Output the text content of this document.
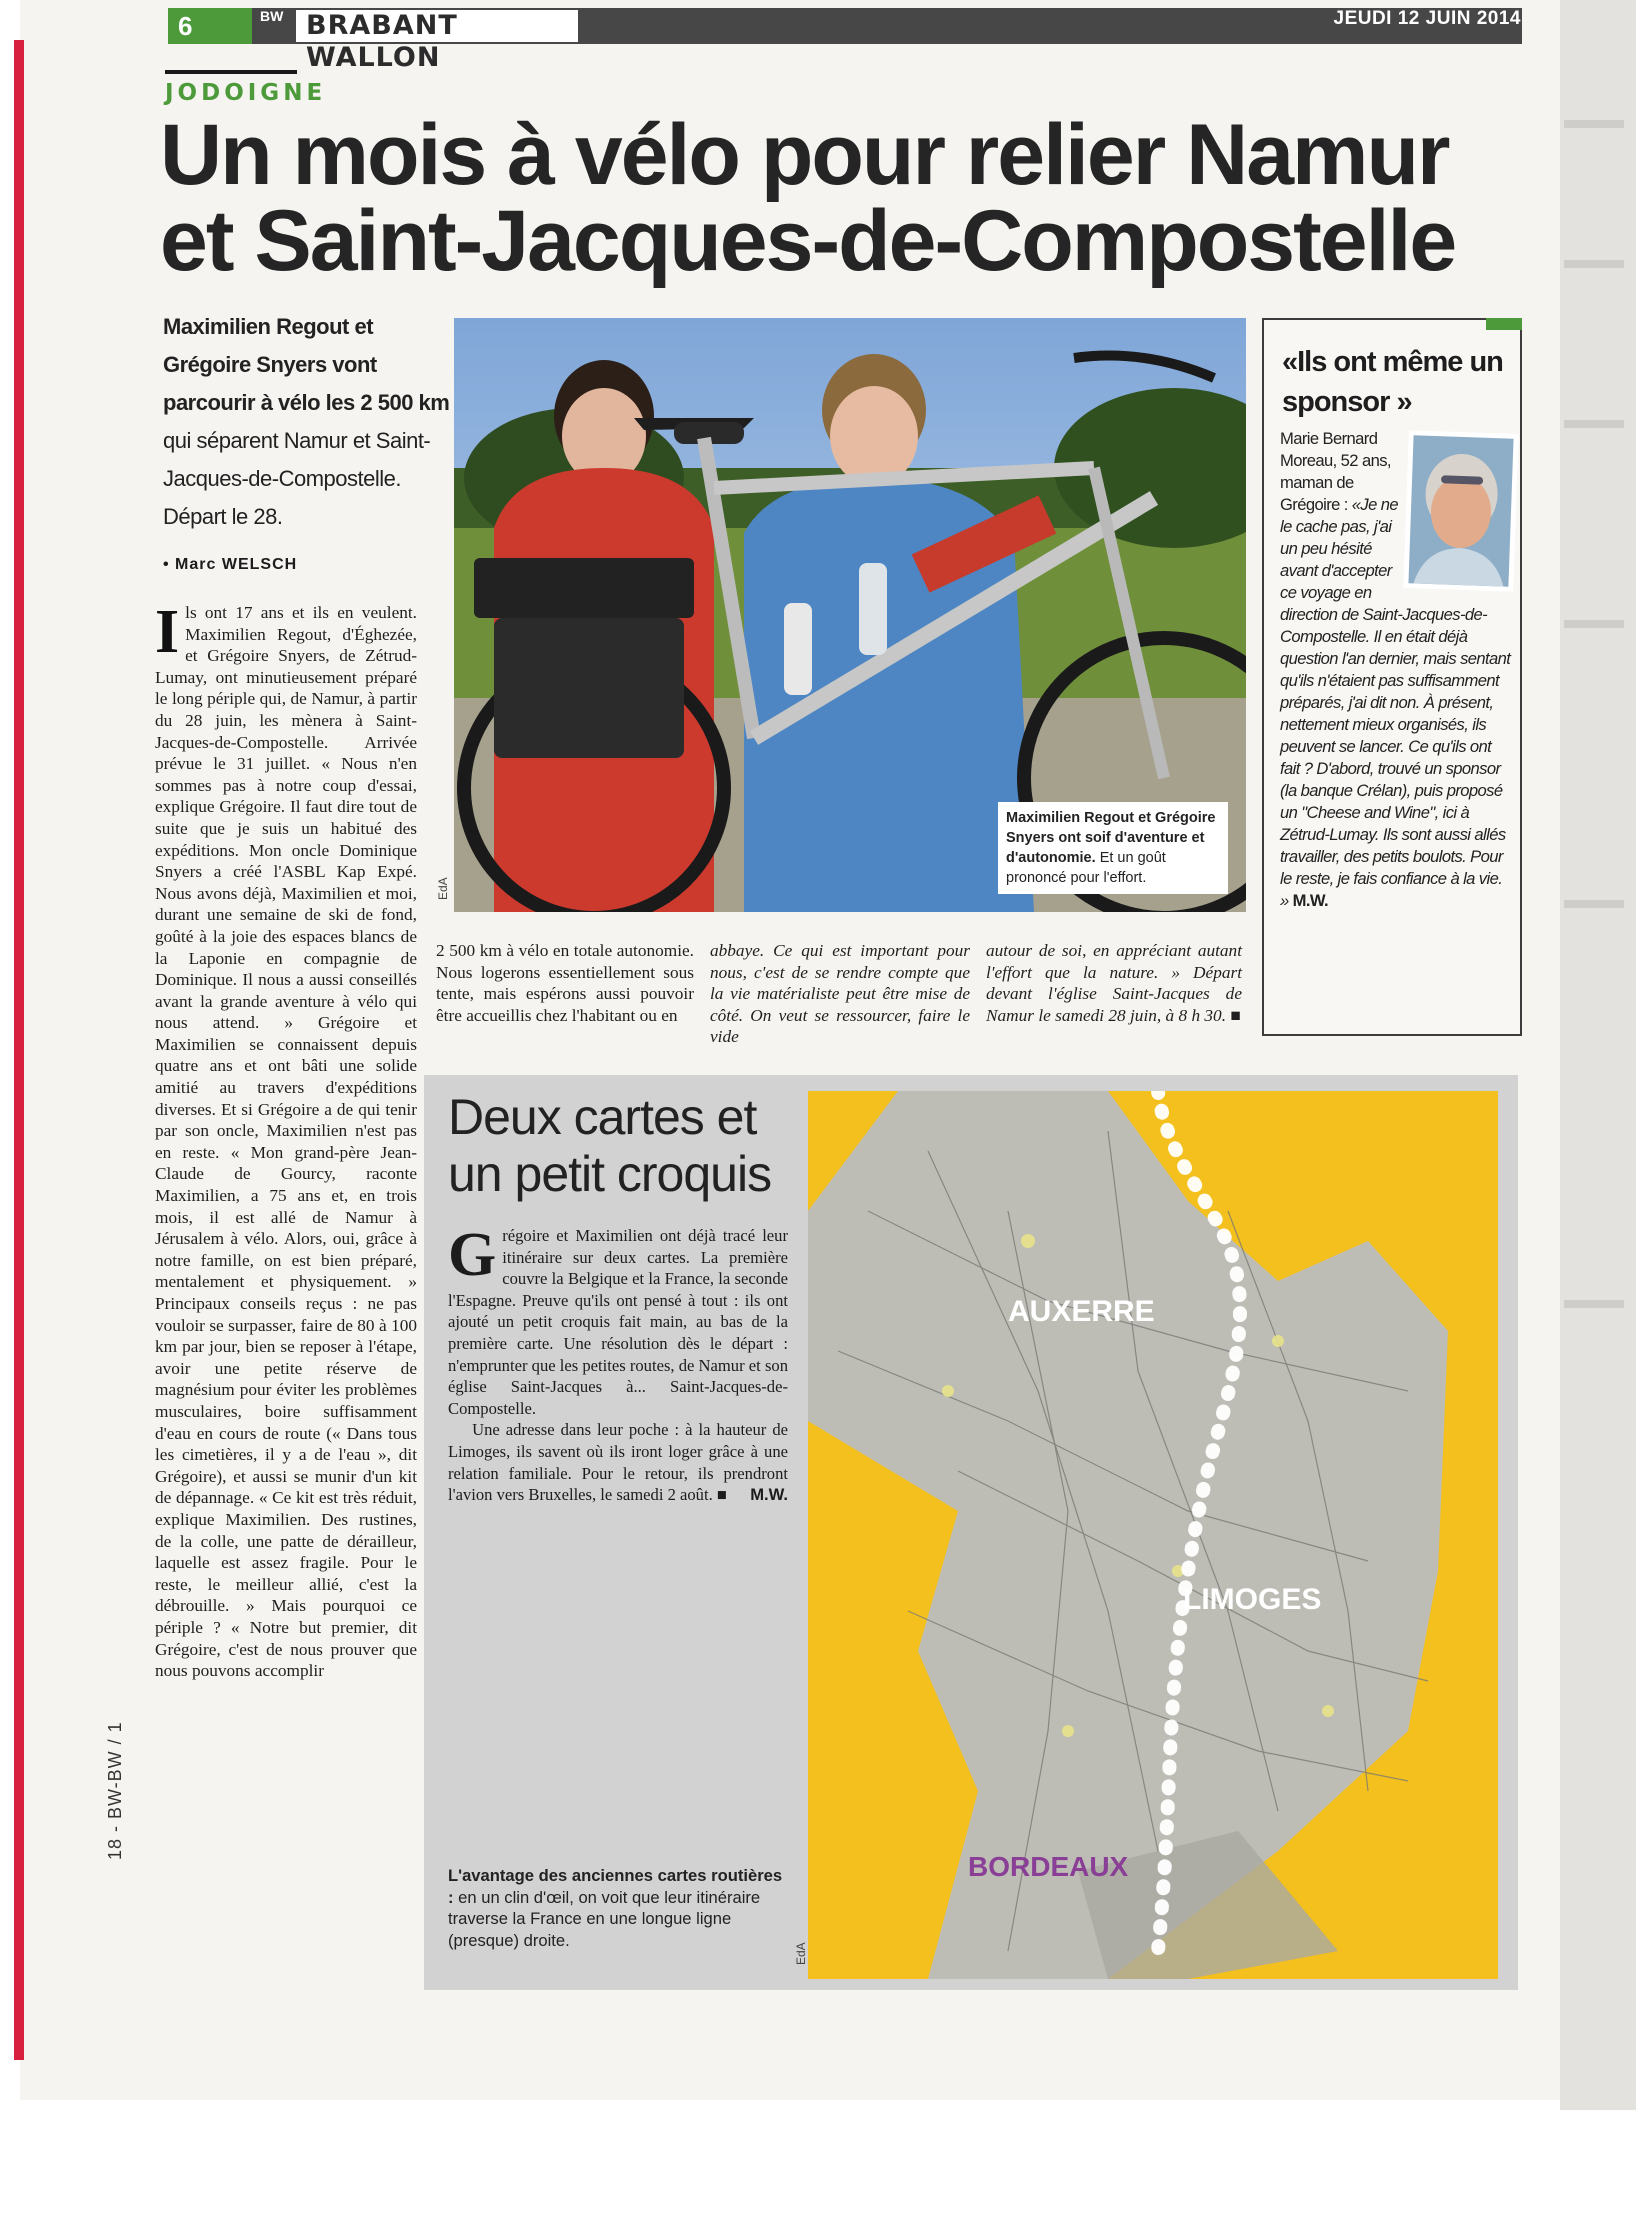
6	BW BRABANT WALLON
JEUDI 12 JUIN 2014
JODOIGNE
Un mois à vélo pour relier Namur et Saint-Jacques-de-Compostelle
Maximilien Regout et Grégoire Snyers vont parcourir à vélo les 2 500 km
qui séparent Namur et Saint-Jacques-de-Compostelle. Départ le 28.
• Marc WELSCH

Ils ont 17 ans et ils en veulent. Maximilien Regout, d'Éghezée, et Grégoire Snyers, de Zétrud-Lumay, ont minutieusement préparé le long périple qui, de Namur, à partir du 28 juin, les mènera à Saint-Jacques-de-Compostelle. Arrivée prévue le 31 juillet. « Nous n'en sommes pas à notre coup d'essai, explique Grégoire. Il faut dire tout de suite que je suis un habitué des expéditions. Mon oncle Dominique Snyers a créé l'ASBL Kap Expé. Nous avons déjà, Maximilien et moi, durant une semaine de ski de fond, goûté à la joie des espaces blancs de la Laponie en compagnie de Dominique. Il nous a aussi conseillés avant la grande aventure à vélo qui nous attend. » Grégoire et Maximilien se connaissent depuis quatre ans et ont bâti une solide amitié au travers d'expéditions diverses. Et si Grégoire a de qui tenir par son oncle, Maximilien n'est pas en reste. « Mon grand-père Jean-Claude de Gourcy, raconte Maximilien, a 75 ans et, en trois mois, il est allé de Namur à Jérusalem à vélo. Alors, oui, grâce à notre famille, on est bien préparé, mentalement et physiquement. » Principaux conseils reçus : ne pas vouloir se surpasser, faire de 80 à 100 km par jour, bien se reposer à l'étape, avoir une petite réserve de magnésium pour éviter les problèmes musculaires, boire suffisamment d'eau en cours de route (« Dans tous les cimetières, il y a de l'eau », dit Grégoire), et aussi se munir d'un kit de dépannage. « Ce kit est très réduit, explique Maximilien. Des rustines, de la colle, une patte de dérailleur, laquelle est assez fragile. Pour le reste, le meilleur allié, c'est la débrouille. » Mais pourquoi ce périple ? « Notre but premier, dit Grégoire, c'est de nous prouver que nous pouvons accomplir

EdA
Maximilien Regout et Grégoire Snyers ont soif d'aventure et d'autonomie. Et un goût prononcé pour l'effort.

2 500 km à vélo en totale autonomie. Nous logerons essentiellement sous tente, mais espérons aussi pouvoir être accueillis chez l'habitant ou en

abbaye. Ce qui est important pour nous, c'est de se rendre compte que la vie matérialiste peut être mise de côté. On veut se ressourcer, faire le vide

autour de soi, en appréciant autant l'effort que la nature. » Départ devant l'église Saint-Jacques de Namur le samedi 28 juin, à 8 h 30. ■

«Ils ont même un sponsor »

Marie Bernard Moreau, 52 ans, maman de Grégoire : «Je ne le cache pas, j'ai un peu hésité avant d'accepter ce voyage en direction de Saint-Jacques-de-Compostelle. Il en était déjà question l'an dernier, mais sentant qu'ils n'étaient pas suffisamment préparés, j'ai dit non. À présent, nettement mieux organisés, ils peuvent se lancer. Ce qu'ils ont fait ? D'abord, trouvé un sponsor (la banque Crélan), puis proposé un "Cheese and Wine", ici à Zétrud-Lumay. Ils sont aussi allés travailler, des petits boulots. Pour le reste, je fais confiance à la vie. » M.W.

Deux cartes et un petit croquis

Grégoire et Maximilien ont déjà tracé leur itinéraire sur deux cartes. La première couvre la Belgique et la France, la seconde l'Espagne. Preuve qu'ils ont pensé à tout : ils ont ajouté un petit croquis fait main, au bas de la première carte. Une résolution dès le départ : n'emprunter que les petites routes, de Namur et son église Saint-Jacques à... Saint-Jacques-de-Compostelle.
Une adresse dans leur poche : à la hauteur de Limoges, ils savent où ils iront loger grâce à une relation familiale. Pour le retour, ils prendront l'avion vers Bruxelles, le samedi 2 août. ■ M.W.

L'avantage des anciennes cartes routières : en un clin d'œil, on voit que leur itinéraire traverse la France en une longue ligne (presque) droite.

AUXERRE
LIMOGES
BORDEAUX
EdA
18 - BW-BW / 1
